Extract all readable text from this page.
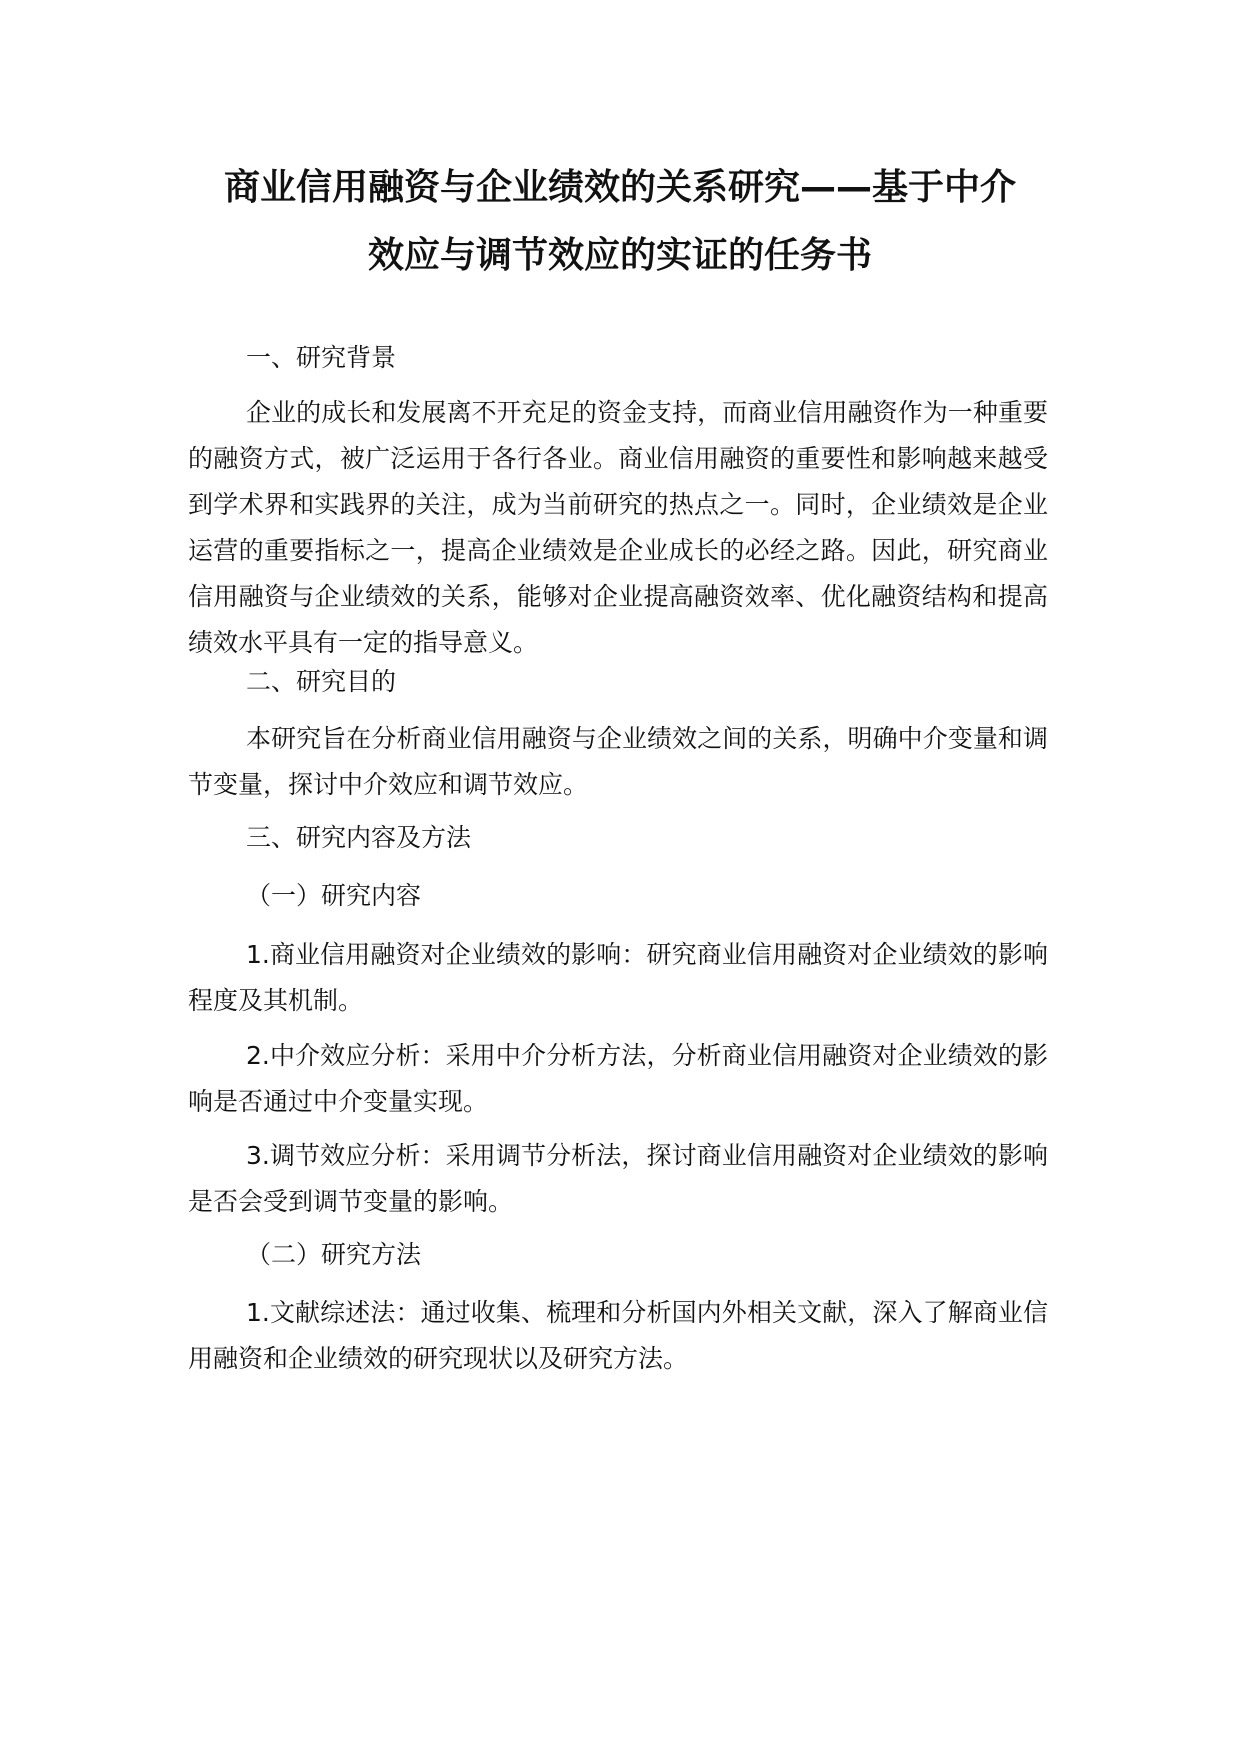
商业信用融资与企业绩效的关系研究——基于中介
效应与调节效应的实证的任务书
一、研究背景
企业的成长和发展离不开充足的资金支持，而商业信用融资作为一种重要的融资方式，被广泛运用于各行各业。商业信用融资的重要性和影响越来越受到学术界和实践界的关注，成为当前研究的热点之一。同时，企业绩效是企业运营的重要指标之一，提高企业绩效是企业成长的必经之路。因此，研究商业信用融资与企业绩效的关系，能够对企业提高融资效率、优化融资结构和提高绩效水平具有一定的指导意义。
二、研究目的
本研究旨在分析商业信用融资与企业绩效之间的关系，明确中介变量和调节变量，探讨中介效应和调节效应。
三、研究内容及方法
（一）研究内容
1.商业信用融资对企业绩效的影响：研究商业信用融资对企业绩效的影响程度及其机制。
2.中介效应分析：采用中介分析方法，分析商业信用融资对企业绩效的影响是否通过中介变量实现。
3.调节效应分析：采用调节分析法，探讨商业信用融资对企业绩效的影响是否会受到调节变量的影响。
（二）研究方法
1.文献综述法：通过收集、梳理和分析国内外相关文献，深入了解商业信用融资和企业绩效的研究现状以及研究方法。
